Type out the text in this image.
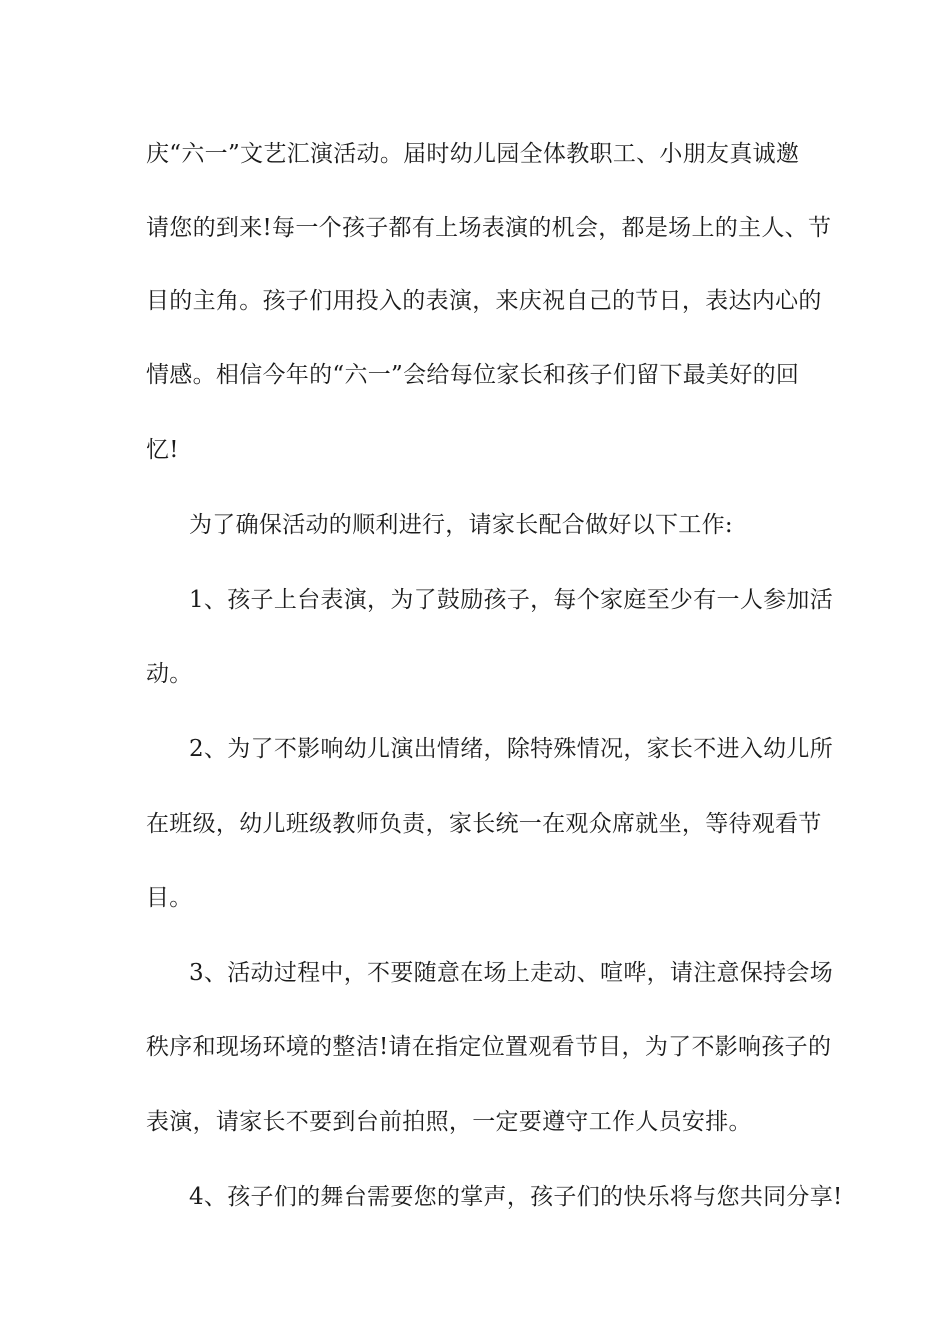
庆“六一”文艺汇演活动。届时幼儿园全体教职工、小朋友真诚邀
请您的到来!每一个孩子都有上场表演的机会，都是场上的主人、节
目的主角。孩子们用投入的表演，来庆祝自己的节日，表达内心的
情感。相信今年的“六一”会给每位家长和孩子们留下最美好的回
忆!
为了确保活动的顺利进行，请家长配合做好以下工作:
1、孩子上台表演，为了鼓励孩子，每个家庭至少有一人参加活
动。
2、为了不影响幼儿演出情绪，除特殊情况，家长不进入幼儿所
在班级，幼儿班级教师负责，家长统一在观众席就坐，等待观看节
目。
3、活动过程中，不要随意在场上走动、喧哗，请注意保持会场
秩序和现场环境的整洁!请在指定位置观看节目，为了不影响孩子的
表演，请家长不要到台前拍照，一定要遵守工作人员安排。
4、孩子们的舞台需要您的掌声，孩子们的快乐将与您共同分享!
